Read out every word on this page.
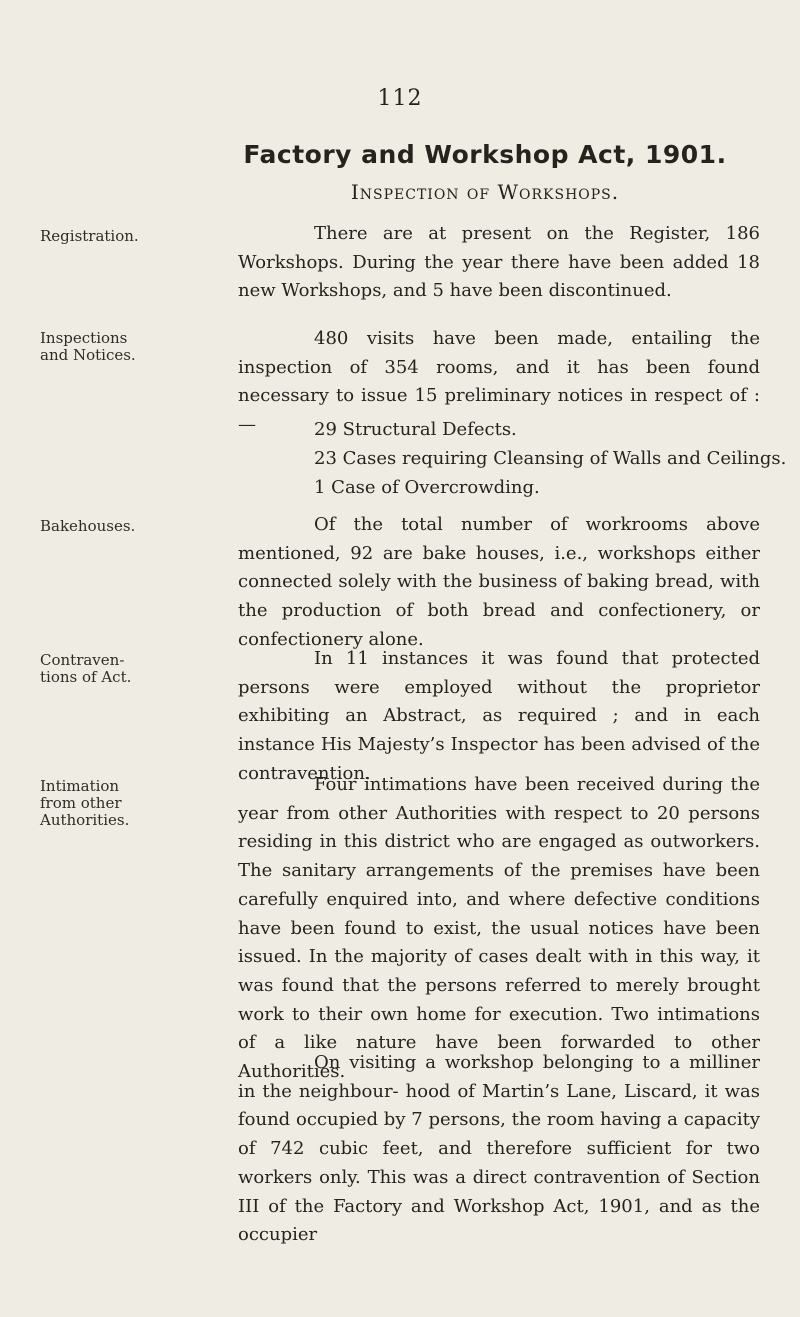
112
Factory and Workshop Act, 1901.
Inspection of Workshops.
Registration.	There are at present on the Register, 186 Workshops. During the year there have been added 18 new Workshops, and 5 have been discontinued.

Inspections and Notices.

480 visits have been made, entailing the inspection of 354 rooms, and it has been found necessary to issue 15 preliminary notices in respect of :—	29 Structural Defects.
23 Cases requiring Cleansing of Walls and Ceilings.
1 Case of Overcrowding.
Bakehouses.	Of the total number of workrooms above mentioned, 92 are bake houses, i.e., workshops either connected solely with the business of baking bread, with the production of both bread and confectionery, or confectionery alone.

Contraven- tions of Act.

In 11 instances it was found that protected persons were employed without the proprietor exhibiting an Abstract, as required ; and in each instance His Majesty’s Inspector has been advised of the contravention.

Intimation from other Authorities.

Four intimations have been received during the year from other Authorities with respect to 20 persons residing in this district who are engaged as outworkers. The sanitary arrangements of the premises have been carefully enquired into, and where defective conditions have been found to exist, the usual notices have been issued. In the majority of cases dealt with in this way, it was found that the persons referred to merely brought work to their own home for execution. Two intimations of a like nature have been forwarded to other Authorities.

On visiting a workshop belonging to a milliner in the neighbour- hood of Martin’s Lane, Liscard, it was found occupied by 7 persons, the room having a capacity of 742 cubic feet, and therefore sufficient for two workers only. This was a direct contravention of Section III of the Factory and Workshop Act, 1901, and as the occupier
